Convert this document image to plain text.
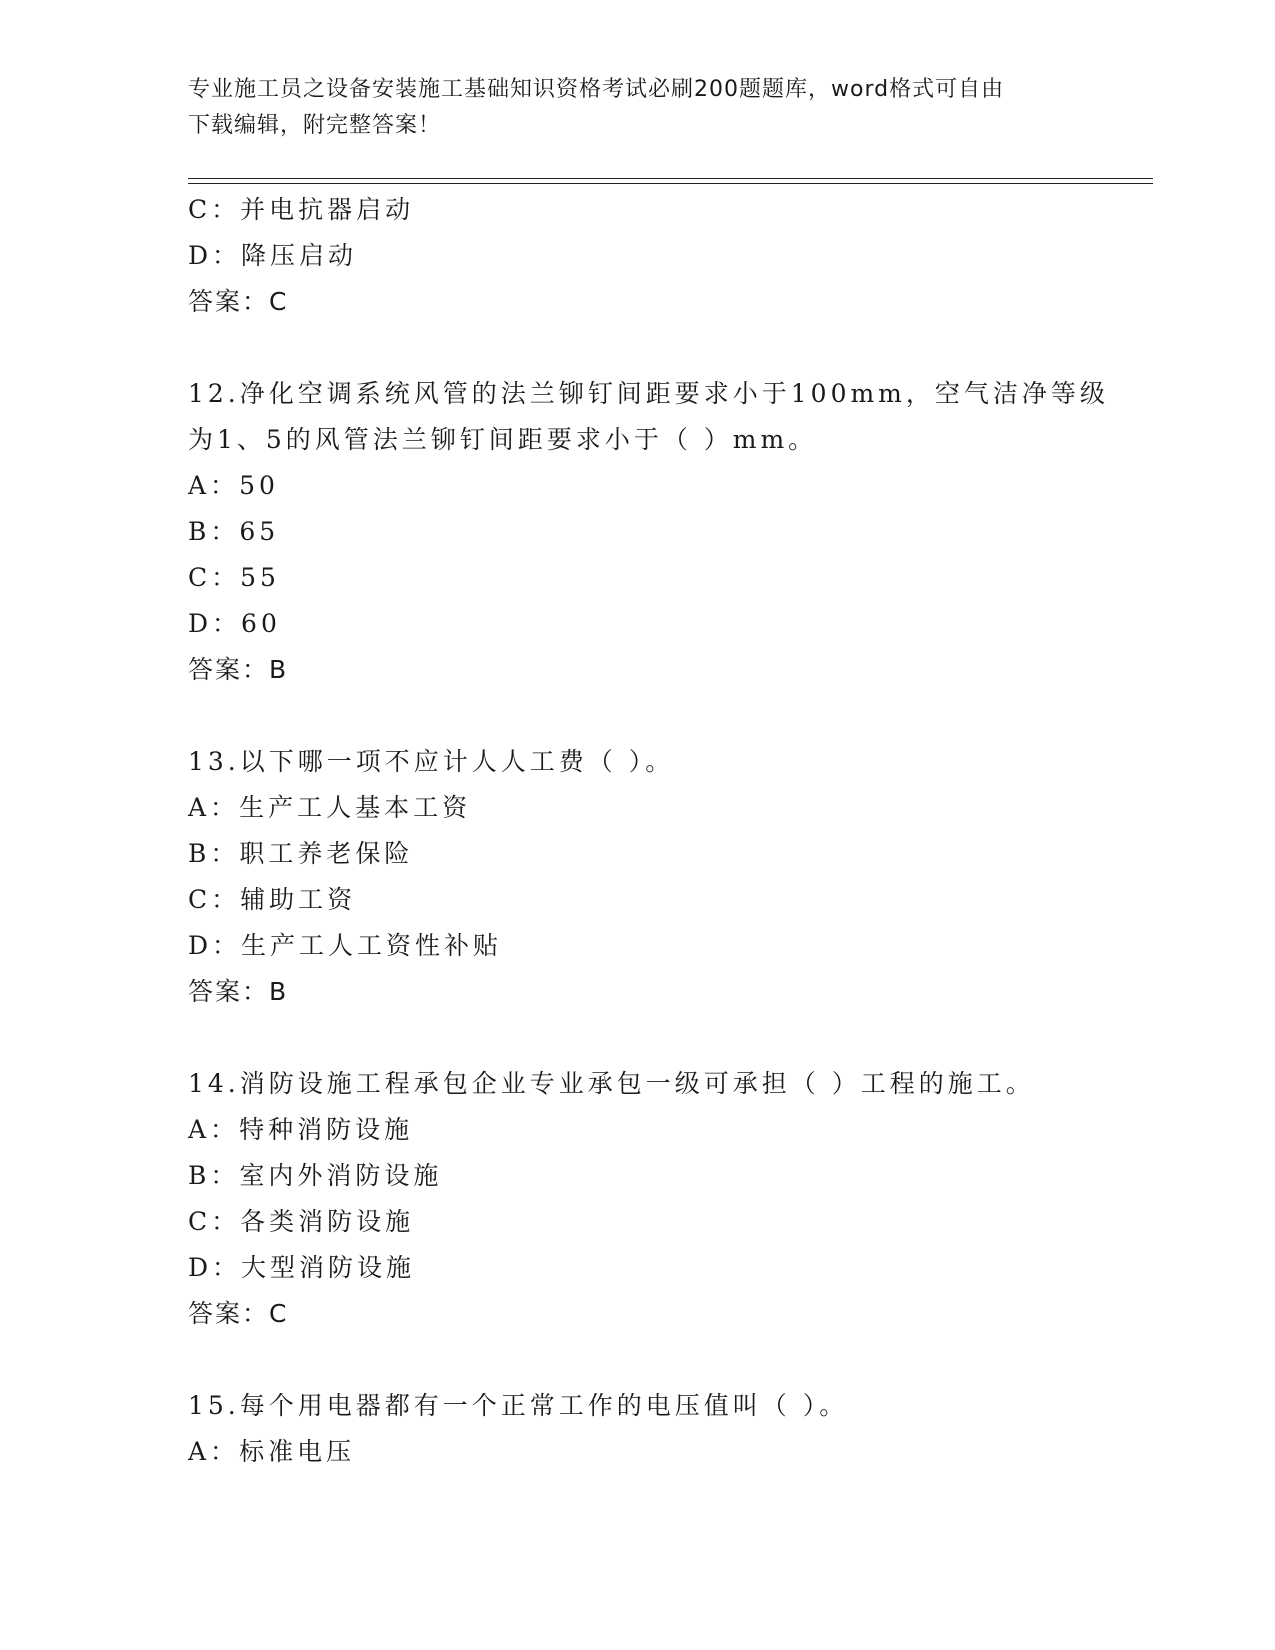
专业施工员之设备安装施工基础知识资格考试必刷200题题库，word格式可自由
下载编辑，附完整答案！
C：并电抗器启动
D：降压启动
答案：C
12.净化空调系统风管的法兰铆钉间距要求小于100mm，空气洁净等级
为1、5的风管法兰铆钉间距要求小于（ ）mm。
A：50
B：65
C：55
D：60
答案：B
13.以下哪一项不应计人人工费（ ）。
A：生产工人基本工资
B：职工养老保险
C：辅助工资
D：生产工人工资性补贴
答案：B
14.消防设施工程承包企业专业承包一级可承担（ ）工程的施工。
A：特种消防设施
B：室内外消防设施
C：各类消防设施
D：大型消防设施
答案：C
15.每个用电器都有一个正常工作的电压值叫（ ）。
A：标准电压
